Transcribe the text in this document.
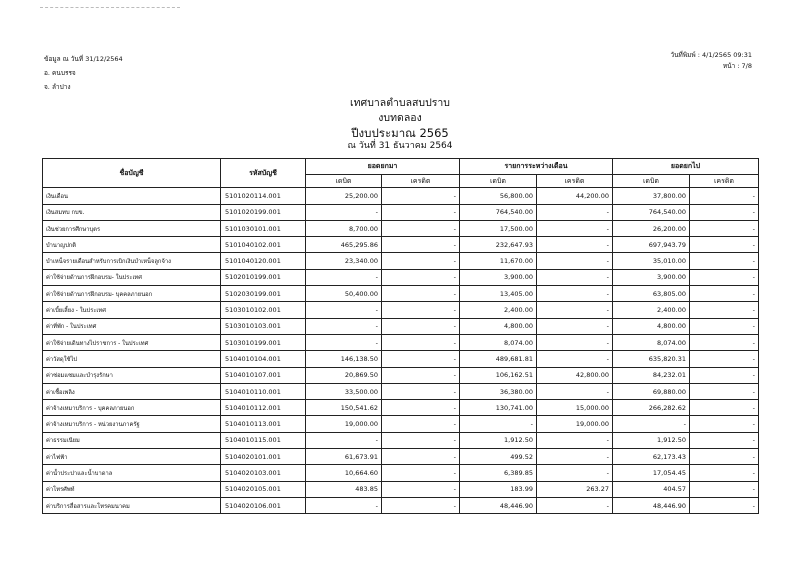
ข้อมูล ณ วันที่ 31/12/2564
อ. คนบรรจ
จ. ลำปาง
วันที่พิมพ์ : 4/1/2565 09:31
หน้า : 7/8
เทศบาลตำบลสบปราบ
งบทดลอง
ปีงบประมาณ 2565
ณ วันที่ 31 ธันวาคม 2564
ชื่อบัญชี	รหัสบัญชี	ยอดยกมา		รายการระหว่างเดือน		ยอดยกไป	
		เดบิต	เครดิต	เดบิต	เครดิต	เดบิต	เครดิต
เงินเดือน	5101020114.001	25,200.00	-	56,800.00	44,200.00	37,800.00	-
เงินสมทบ กบข.	5101020199.001	-	-	764,540.00	-	764,540.00	-
เงินช่วยการศึกษาบุตร	5101030101.001	8,700.00	-	17,500.00	-	26,200.00	-
บำนาญปกติ	5101040102.001	465,295.86	-	232,647.93	-	697,943.79	-
บำเหน็จรายเดือนสำหรับการเบิกเงินบำเหน็จลูกจ้าง	5101040120.001	23,340.00	-	11,670.00	-	35,010.00	-
ค่าใช้จ่ายด้านการฝึกอบรม- ในประเทศ	5102010199.001	-	-	3,900.00	-	3,900.00	-
ค่าใช้จ่ายด้านการฝึกอบรม- บุคคลภายนอก	5102030199.001	50,400.00	-	13,405.00	-	63,805.00	-
ค่าเบี้ยเลี้ยง - ในประเทศ	5103010102.001	-	-	2,400.00	-	2,400.00	-
ค่าที่พัก - ในประเทศ	5103010103.001	-	-	4,800.00	-	4,800.00	-
ค่าใช้จ่ายเดินทางไปราชการ - ในประเทศ	5103010199.001	-	-	8,074.00	-	8,074.00	-
ค่าวัสดุใช้ไป	5104010104.001	146,138.50	-	489,681.81	-	635,820.31	-
ค่าซ่อมแซมและบำรุงรักษา	5104010107.001	20,869.50	-	106,162.51	42,800.00	84,232.01	-
ค่าเชื้อเพลิง	5104010110.001	33,500.00	-	36,380.00	-	69,880.00	-
ค่าจ้างเหมาบริการ - บุคคลภายนอก	5104010112.001	150,541.62	-	130,741.00	15,000.00	266,282.62	-
ค่าจ้างเหมาบริการ - หน่วยงานภาครัฐ	5104010113.001	19,000.00	-	-	19,000.00	-	-
ค่าธรรมเนียม	5104010115.001	-	-	1,912.50	-	1,912.50	-
ค่าไฟฟ้า	5104020101.001	61,673.91	-	499.52	-	62,173.43	-
ค่าน้ำประปาและน้ำบาดาล	5104020103.001	10,664.60	-	6,389.85	-	17,054.45	-
ค่าโทรศัพท์	5104020105.001	483.85	-	183.99	263.27	404.57	-
ค่าบริการสื่อสารและโทรคมนาคม	5104020106.001	-	-	48,446.90	-	48,446.90	-
